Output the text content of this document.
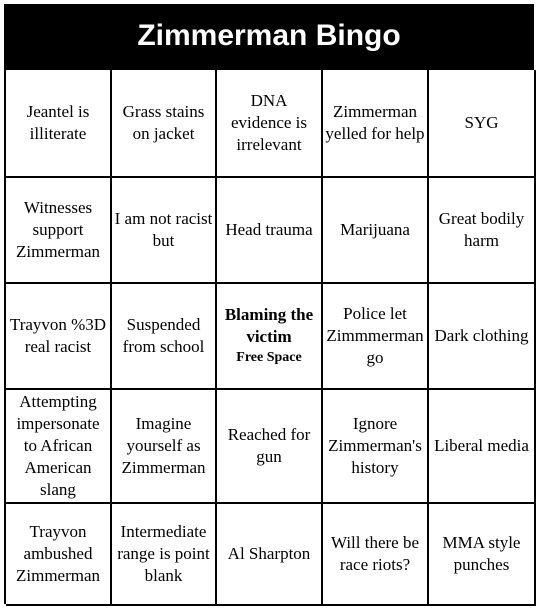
Zimmerman Bingo
Jeantel is illiterate
Grass stains on jacket
DNA evidence is irrelevant
Zimmerman yelled for help
SYG
Witnesses support Zimmerman
I am not racist but
Head trauma	Marijuana
Great bodily harm
Trayvon %3D real racist
Suspended from school
Blaming the victim
Free Space
Police let Zimmmerman go
Dark clothing
Attempting impersonate to African American slang
Imagine yourself as Zimmerman
Reached for gun
Ignore Zimmerman's history
Liberal media
Trayvon ambushed Zimmerman
Intermediate range is point blank
Al Sharpton
Will there be race riots?
MMA style punches
